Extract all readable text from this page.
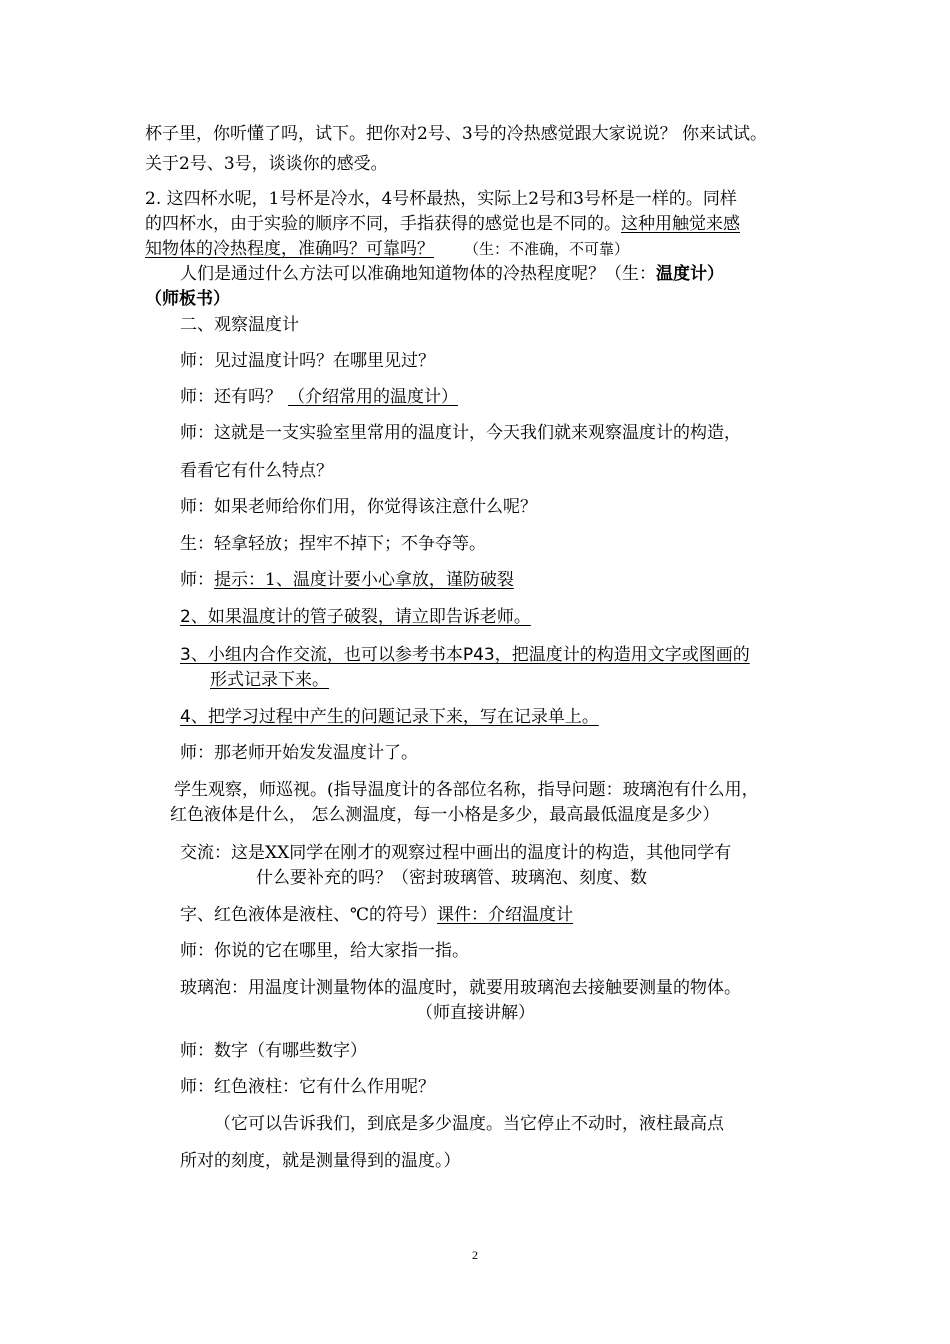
杯子里，你听懂了吗，试下。把你对2号、3号的冷热感觉跟大家说说？ 你来试试。
关于2号、3号，谈谈你的感受。
2. 这四杯水呢，1号杯是冷水，4号杯最热，实际上2号和3号杯是一样的。同样
的四杯水，由于实验的顺序不同，手指获得的感觉也是不同的。这种用触觉来感
知物体的冷热程度，准确吗？可靠吗？ （生：不准确，不可靠）
人们是通过什么方法可以准确地知道物体的冷热程度呢？（生：温度计）
（师板书）
二、观察温度计
师：见过温度计吗？在哪里见过？
师：还有吗？ （介绍常用的温度计）
师：这就是一支实验室里常用的温度计，今天我们就来观察温度计的构造，
看看它有什么特点？
师：如果老师给你们用，你觉得该注意什么呢？
生：轻拿轻放；捏牢不掉下；不争夺等。
师：提示：1、温度计要小心拿放，谨防破裂
2、如果温度计的管子破裂，请立即告诉老师。
3、小组内合作交流，也可以参考书本P43，把温度计的构造用文字或图画的
形式记录下来。
4、把学习过程中产生的问题记录下来，写在记录单上。
师：那老师开始发发温度计了。
学生观察，师巡视。(指导温度计的各部位名称，指导问题：玻璃泡有什么用，
红色液体是什么， 怎么测温度，每一小格是多少，最高最低温度是多少）
交流：这是XX同学在刚才的观察过程中画出的温度计的构造，其他同学有
什么要补充的吗？（密封玻璃管、玻璃泡、刻度、数
字、红色液体是液柱、℃的符号）课件：介绍温度计
师：你说的它在哪里，给大家指一指。
玻璃泡：用温度计测量物体的温度时，就要用玻璃泡去接触要测量的物体。
（师直接讲解）
师：数字（有哪些数字）
师：红色液柱：它有什么作用呢？
（它可以告诉我们，到底是多少温度。当它停止不动时，液柱最高点
所对的刻度，就是测量得到的温度。）
2
